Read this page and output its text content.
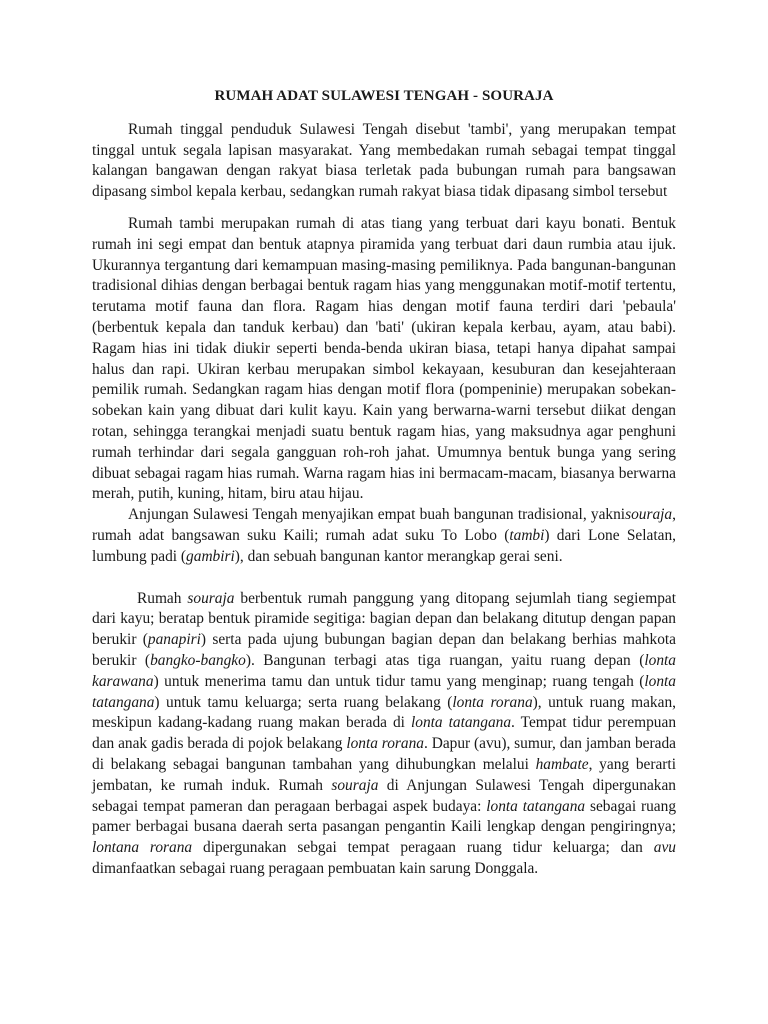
RUMAH ADAT SULAWESI TENGAH - SOURAJA

Rumah tinggal penduduk Sulawesi Tengah disebut 'tambi', yang merupakan tempat tinggal untuk segala lapisan masyarakat. Yang membedakan rumah sebagai tempat tinggal kalangan bangawan dengan rakyat biasa terletak pada bubungan rumah para bangsawan dipasang simbol kepala kerbau, sedangkan rumah rakyat biasa tidak dipasang simbol tersebut

Rumah tambi merupakan rumah di atas tiang yang terbuat dari kayu bonati. Bentuk rumah ini segi empat dan bentuk atapnya piramida yang terbuat dari daun rumbia atau ijuk. Ukurannya tergantung dari kemampuan masing-masing pemiliknya. Pada bangunan-bangunan tradisional dihias dengan berbagai bentuk ragam hias yang menggunakan motif-motif tertentu, terutama motif fauna dan flora. Ragam hias dengan motif fauna terdiri dari 'pebaula' (berbentuk kepala dan tanduk kerbau) dan 'bati' (ukiran kepala kerbau, ayam, atau babi). Ragam hias ini tidak diukir seperti benda-benda ukiran biasa, tetapi hanya dipahat sampai halus dan rapi. Ukiran kerbau merupakan simbol kekayaan, kesuburan dan kesejahteraan pemilik rumah. Sedangkan ragam hias dengan motif flora (pompeninie) merupakan sobekan-sobekan kain yang dibuat dari kulit kayu. Kain yang berwarna-warni tersebut diikat dengan rotan, sehingga terangkai menjadi suatu bentuk ragam hias, yang maksudnya agar penghuni rumah terhindar dari segala gangguan roh-roh jahat. Umumnya bentuk bunga yang sering dibuat sebagai ragam hias rumah. Warna ragam hias ini bermacam-macam, biasanya berwarna merah, putih, kuning, hitam, biru atau hijau.

Anjungan Sulawesi Tengah menyajikan empat buah bangunan tradisional, yaknisouraja, rumah adat bangsawan suku Kaili; rumah adat suku To Lobo (tambi) dari Lone Selatan, lumbung padi (gambiri), dan sebuah bangunan kantor merangkap gerai seni.

Rumah souraja berbentuk rumah panggung yang ditopang sejumlah tiang segiempat dari kayu; beratap bentuk piramide segitiga: bagian depan dan belakang ditutup dengan papan berukir (panapiri) serta pada ujung bubungan bagian depan dan belakang berhias mahkota berukir (bangko-bangko). Bangunan terbagi atas tiga ruangan, yaitu ruang depan (lonta karawana) untuk menerima tamu dan untuk tidur tamu yang menginap; ruang tengah (lonta tatangana) untuk tamu keluarga; serta ruang belakang (lonta rorana), untuk ruang makan, meskipun kadang-kadang ruang makan berada di lonta tatangana. Tempat tidur perempuan dan anak gadis berada di pojok belakang lonta rorana. Dapur (avu), sumur, dan jamban berada di belakang sebagai bangunan tambahan yang dihubungkan melalui hambate, yang berarti jembatan, ke rumah induk. Rumah souraja di Anjungan Sulawesi Tengah dipergunakan sebagai tempat pameran dan peragaan berbagai aspek budaya: lonta tatangana sebagai ruang pamer berbagai busana daerah serta pasangan pengantin Kaili lengkap dengan pengiringnya; lontana rorana dipergunakan sebgai tempat peragaan ruang tidur keluarga; dan avu dimanfaatkan sebagai ruang peragaan pembuatan kain sarung Donggala.
